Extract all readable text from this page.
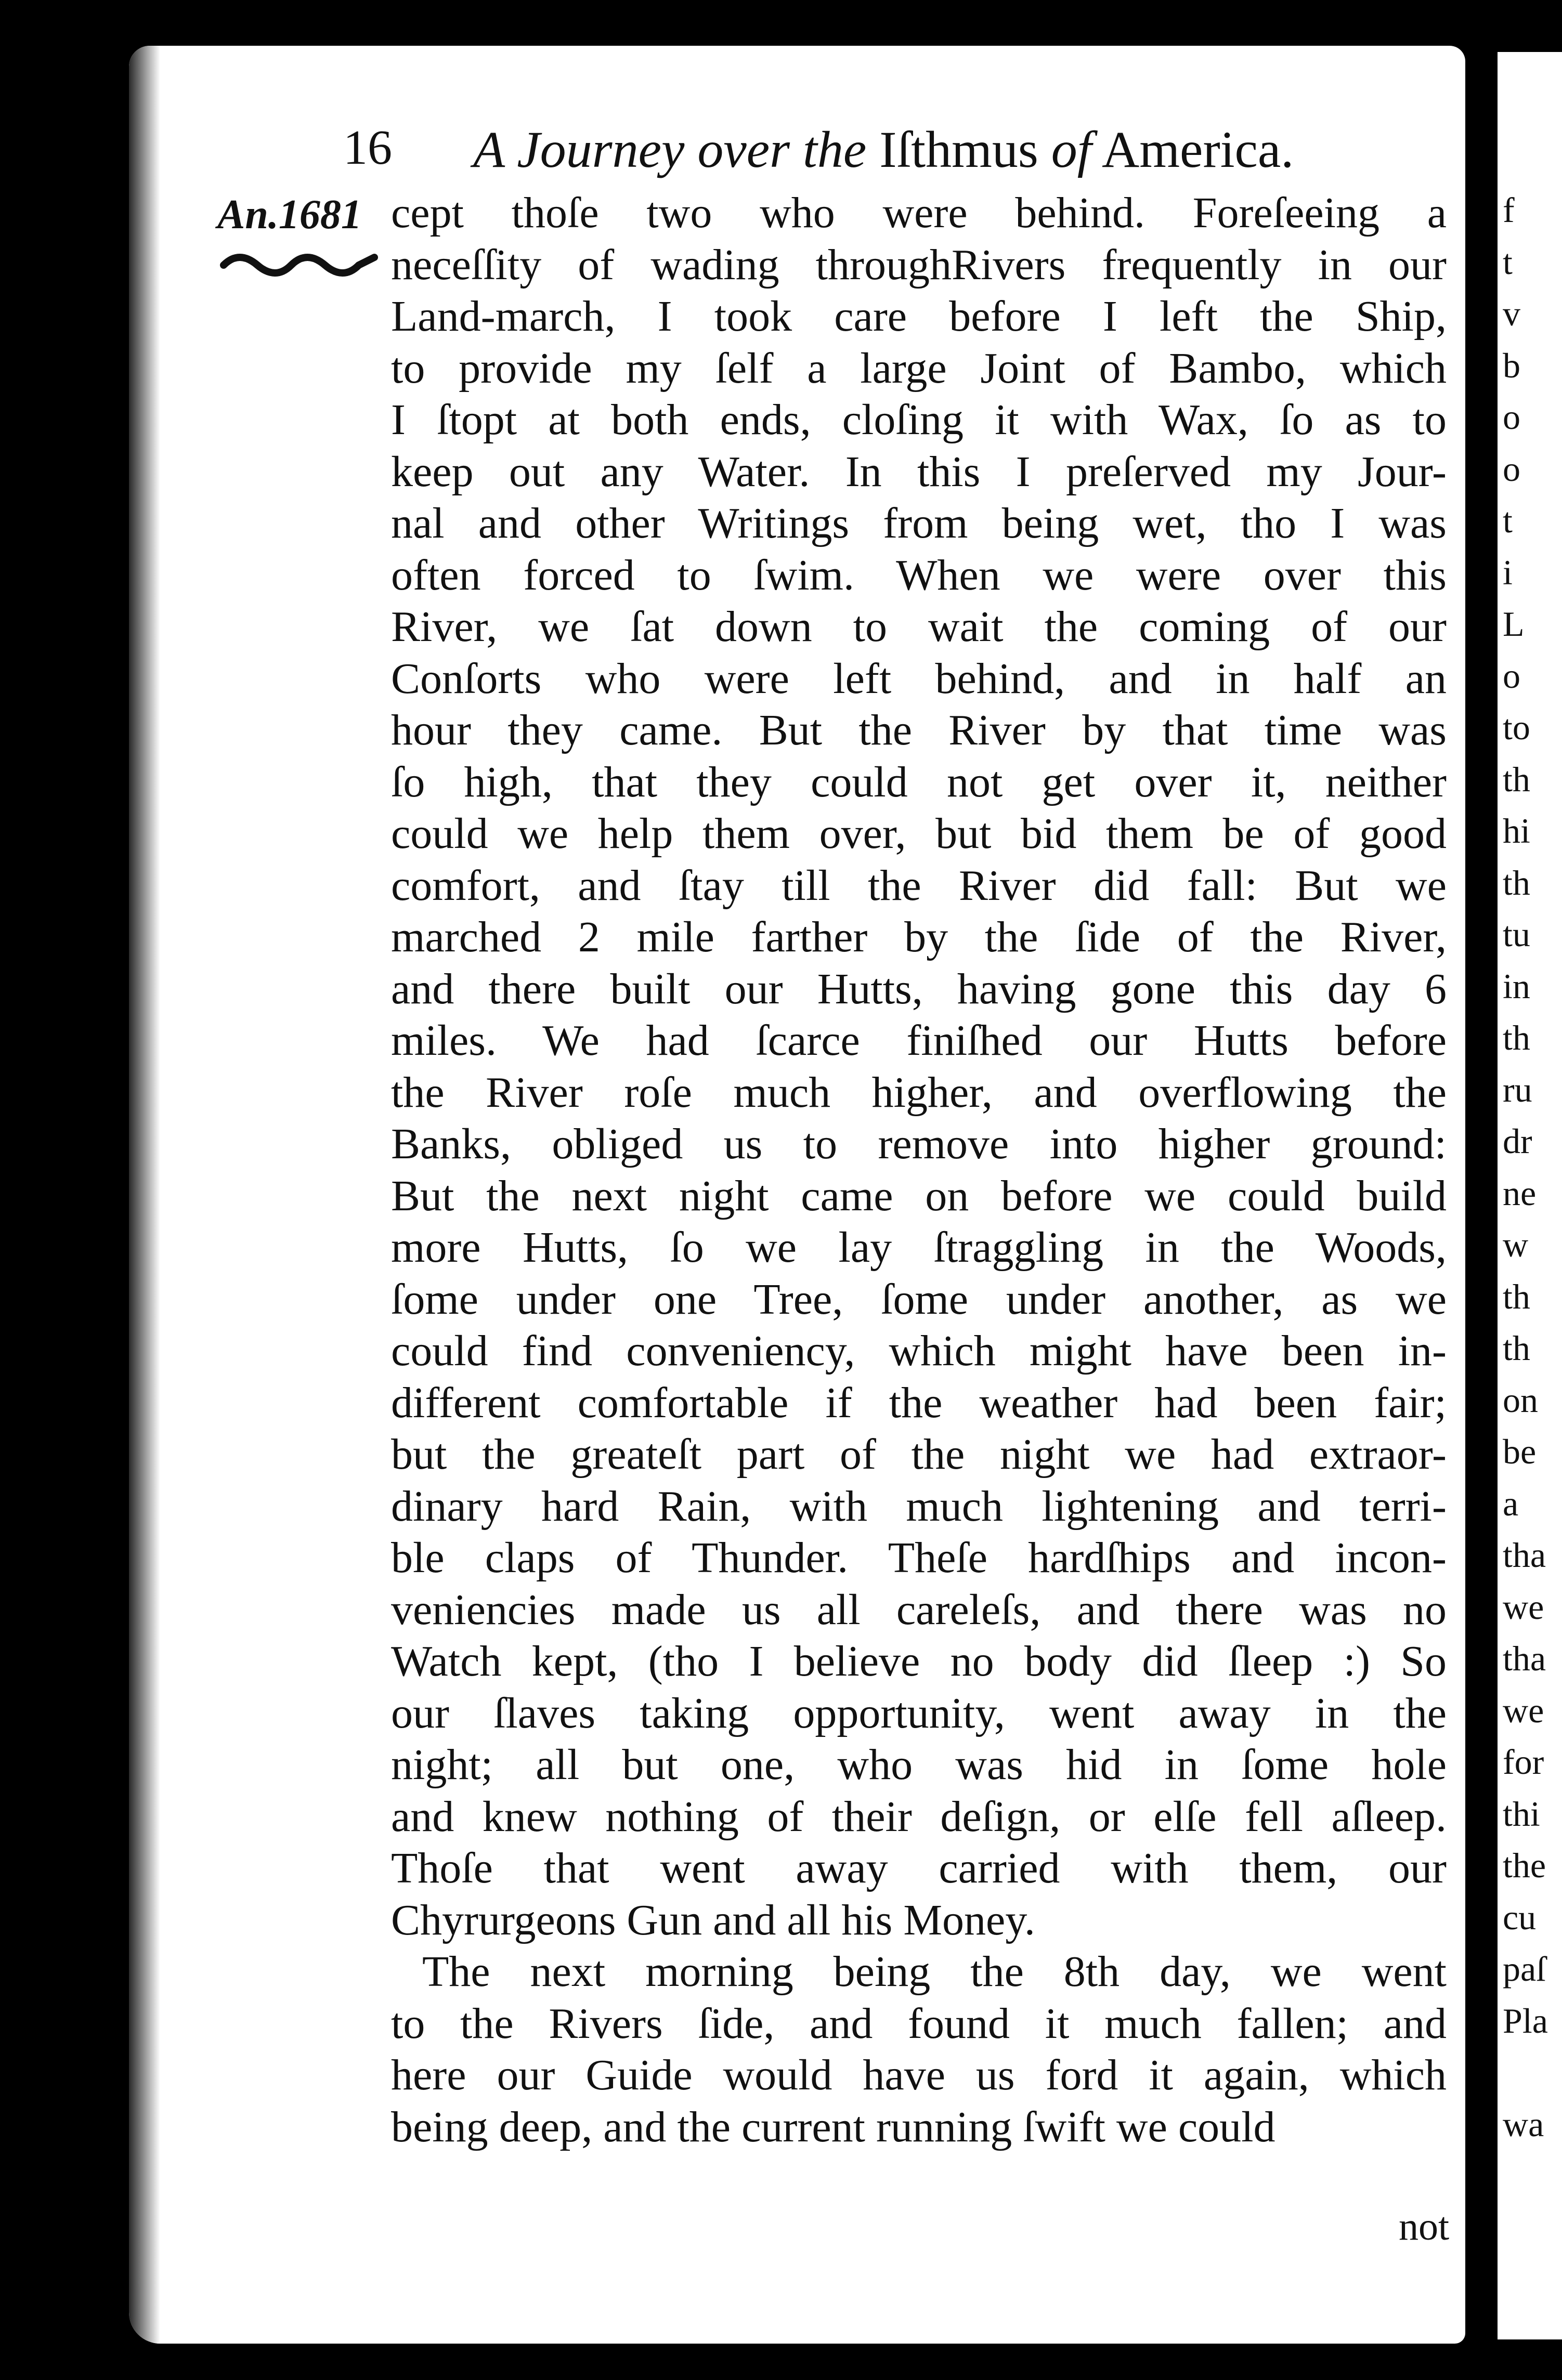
f
t
v
b
o
o
t
i
L
o
to
th
hi
th
tu
in
th
ru
dr
ne
w
th
th
on
be
a
tha
we
tha
we
for
thi
the
cu
paſ
Pla
wa
16 A Journey over the Iſthmus of America.
An.1681 cept thoſe two who were behind. Foreſeeing a
neceſſity of wading throughRivers frequently in our
Land-march, I took care before I left the Ship,
to provide my ſelf a large Joint of Bambo, which
I ſtopt at both ends, cloſing it with Wax, ſo as to
keep out any Water. In this I preſerved my Jour-
nal and other Writings from being wet, tho I was
often forced to ſwim. When we were over this
River, we ſat down to wait the coming of our
Conſorts who were left behind, and in half an
hour they came. But the River by that time was
ſo high, that they could not get over it, neither
could we help them over, but bid them be of good
comfort, and ſtay till the River did fall: But we
marched 2 mile farther by the ſide of the River,
and there built our Hutts, having gone this day 6
miles. We had ſcarce finiſhed our Hutts before
the River roſe much higher, and overflowing the
Banks, obliged us to remove into higher ground:
But the next night came on before we could build
more Hutts, ſo we lay ſtraggling in the Woods,
ſome under one Tree, ſome under another, as we
could find conveniency, which might have been in-
different comfortable if the weather had been fair;
but the greateſt part of the night we had extraor-
dinary hard Rain, with much lightening and terri-
ble claps of Thunder. Theſe hardſhips and incon-
veniencies made us all careleſs, and there was no
Watch kept, (tho I believe no body did ſleep :) So
our ſlaves taking opportunity, went away in the
night; all but one, who was hid in ſome hole
and knew nothing of their deſign, or elſe fell aſleep.
Thoſe that went away carried with them, our
Chyrurgeons Gun and all his Money.
The next morning being the 8th day, we went
to the Rivers ſide, and found it much fallen; and
here our Guide would have us ford it again, which
being deep, and the current running ſwift we could
not
